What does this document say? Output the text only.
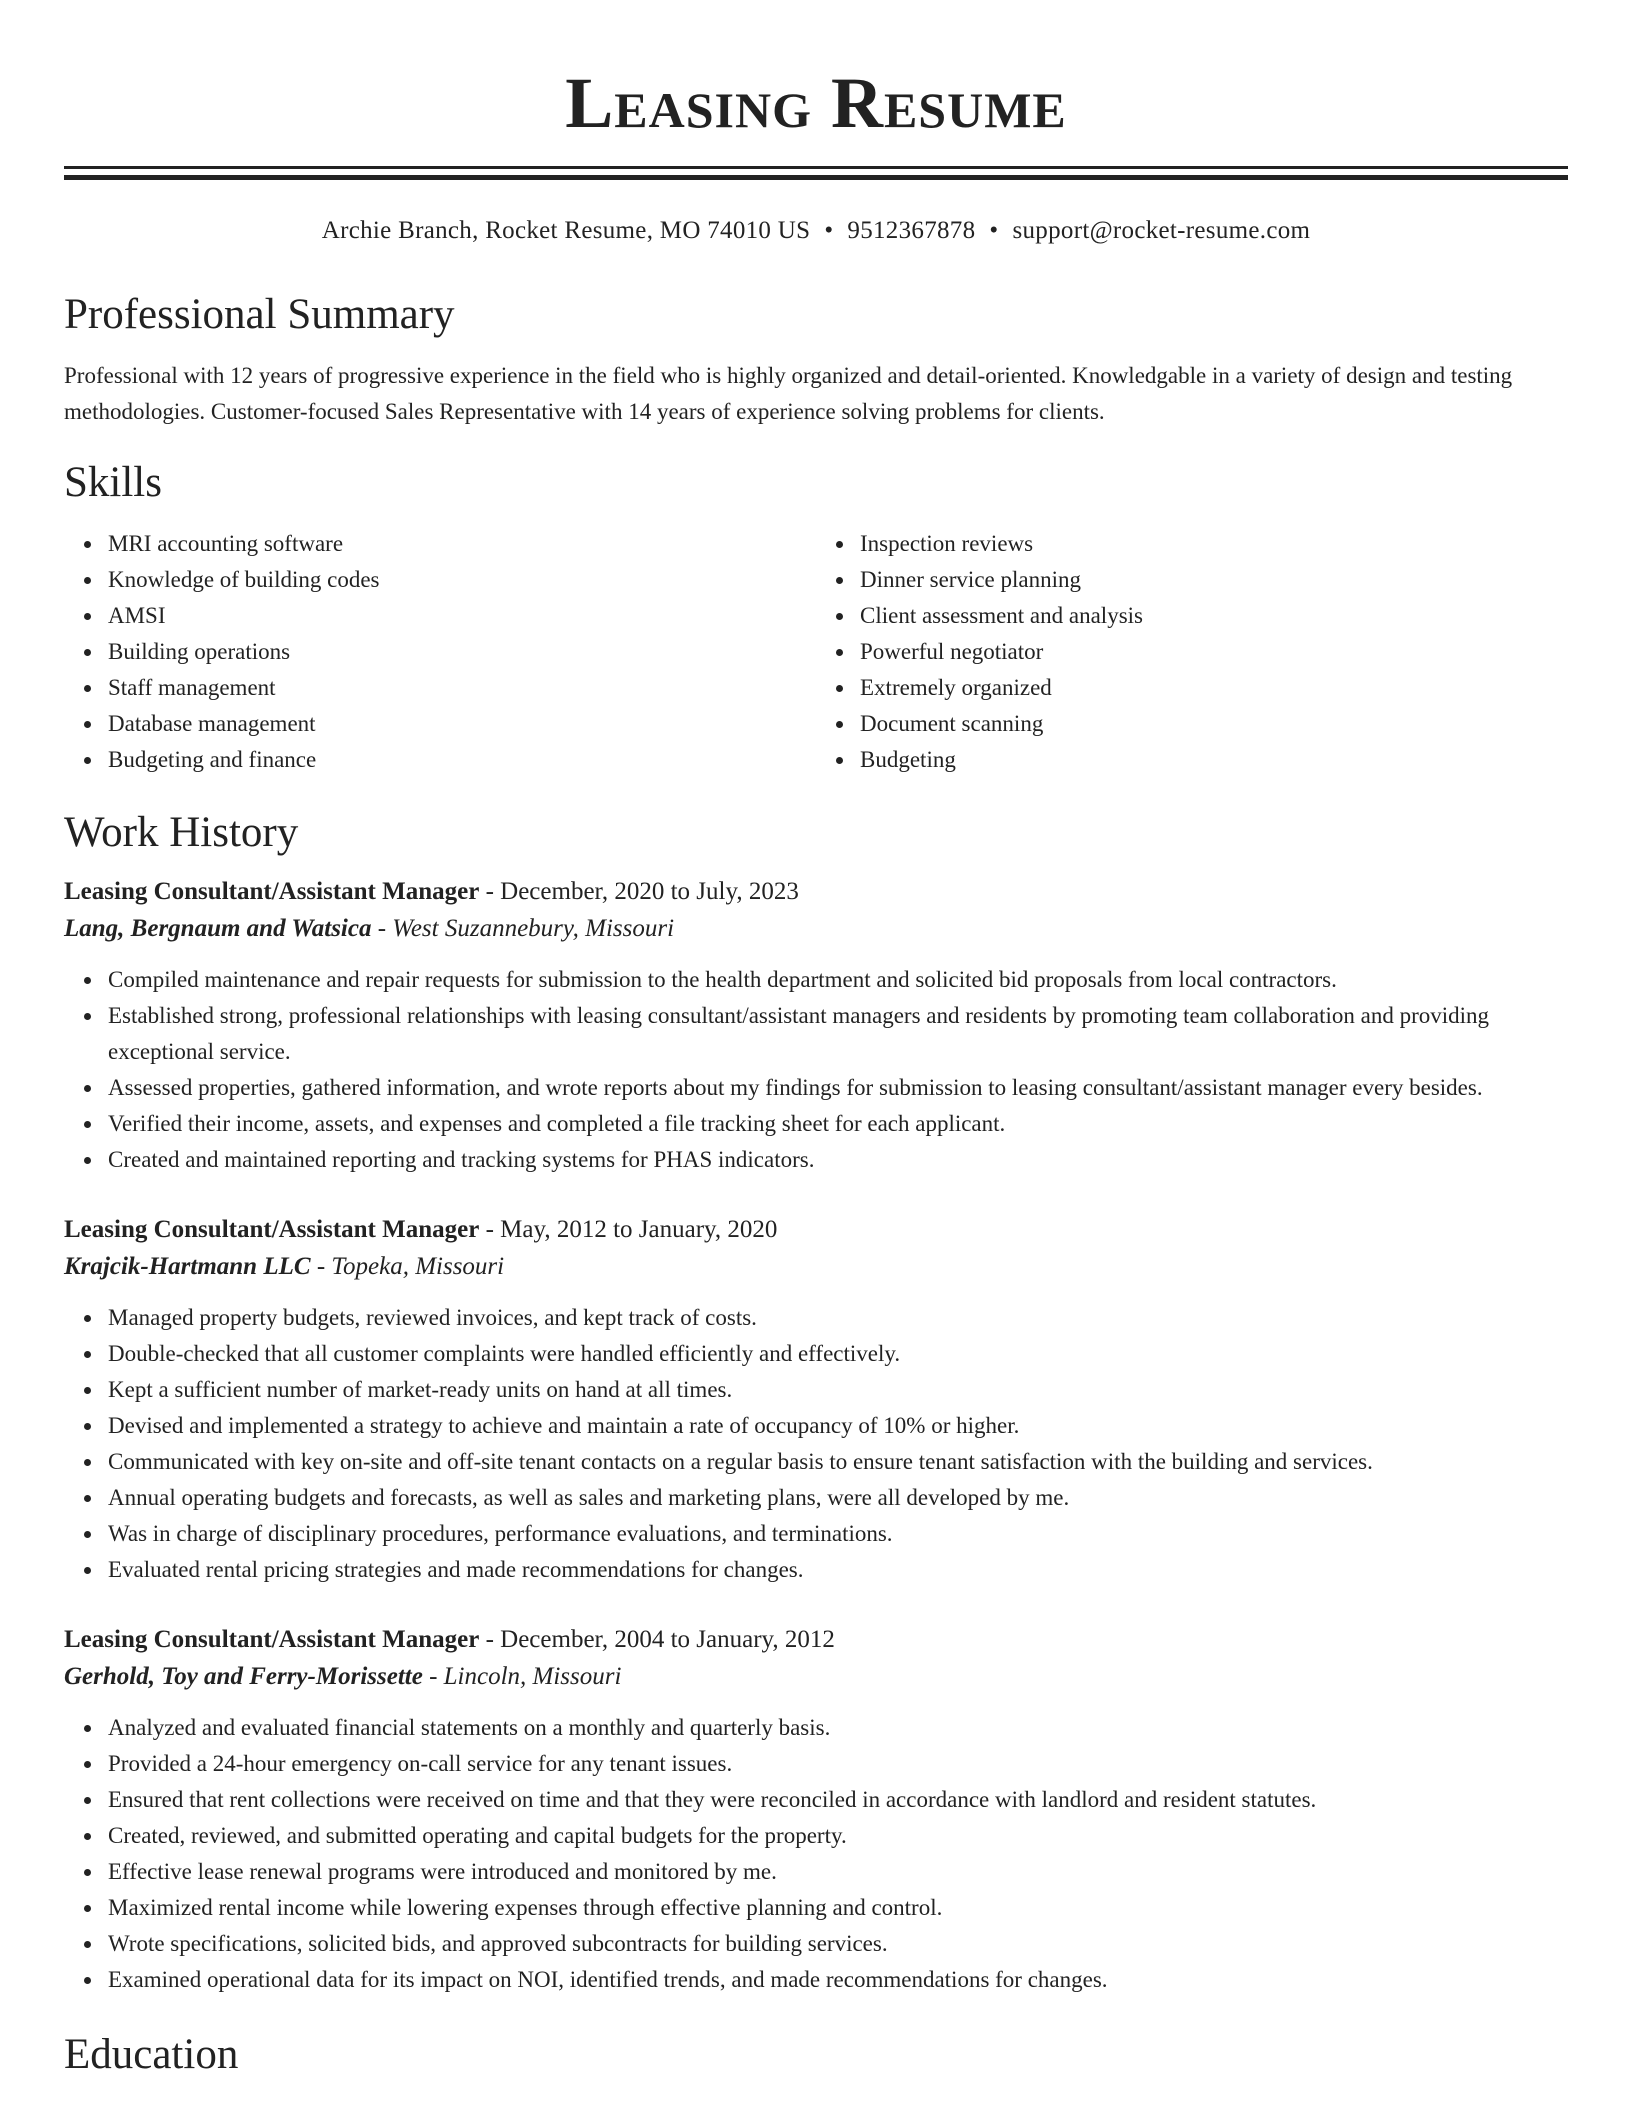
Leasing Resume
Archie Branch, Rocket Resume, MO 74010 US • 9512367878 • support@rocket-resume.com
Professional Summary

Professional with 12 years of progressive experience in the field who is highly organized and detail-oriented. Knowledgable in a variety of design and testing methodologies. Customer-focused Sales Representative with 14 years of experience solving problems for clients.

Skills
MRI accounting software
Knowledge of building codes
AMSI
Building operations
Staff management
Database management
Budgeting and finance
Inspection reviews
Dinner service planning
Client assessment and analysis
Powerful negotiator
Extremely organized
Document scanning
Budgeting
Work History
Leasing Consultant/Assistant Manager - December, 2020 to July, 2023
Lang, Bergnaum and Watsica - West Suzannebury, Missouri
Compiled maintenance and repair requests for submission to the health department and solicited bid proposals from local contractors.
Established strong, professional relationships with leasing consultant/assistant managers and residents by promoting team collaboration and providing exceptional service.
Assessed properties, gathered information, and wrote reports about my findings for submission to leasing consultant/assistant manager every besides.
Verified their income, assets, and expenses and completed a file tracking sheet for each applicant.
Created and maintained reporting and tracking systems for PHAS indicators.
Leasing Consultant/Assistant Manager - May, 2012 to January, 2020
Krajcik-Hartmann LLC - Topeka, Missouri
Managed property budgets, reviewed invoices, and kept track of costs.
Double-checked that all customer complaints were handled efficiently and effectively.
Kept a sufficient number of market-ready units on hand at all times.
Devised and implemented a strategy to achieve and maintain a rate of occupancy of 10% or higher.
Communicated with key on-site and off-site tenant contacts on a regular basis to ensure tenant satisfaction with the building and services.
Annual operating budgets and forecasts, as well as sales and marketing plans, were all developed by me.
Was in charge of disciplinary procedures, performance evaluations, and terminations.
Evaluated rental pricing strategies and made recommendations for changes.
Leasing Consultant/Assistant Manager - December, 2004 to January, 2012
Gerhold, Toy and Ferry-Morissette - Lincoln, Missouri
Analyzed and evaluated financial statements on a monthly and quarterly basis.
Provided a 24-hour emergency on-call service for any tenant issues.
Ensured that rent collections were received on time and that they were reconciled in accordance with landlord and resident statutes.
Created, reviewed, and submitted operating and capital budgets for the property.
Effective lease renewal programs were introduced and monitored by me.
Maximized rental income while lowering expenses through effective planning and control.
Wrote specifications, solicited bids, and approved subcontracts for building services.
Examined operational data for its impact on NOI, identified trends, and made recommendations for changes.
Education
